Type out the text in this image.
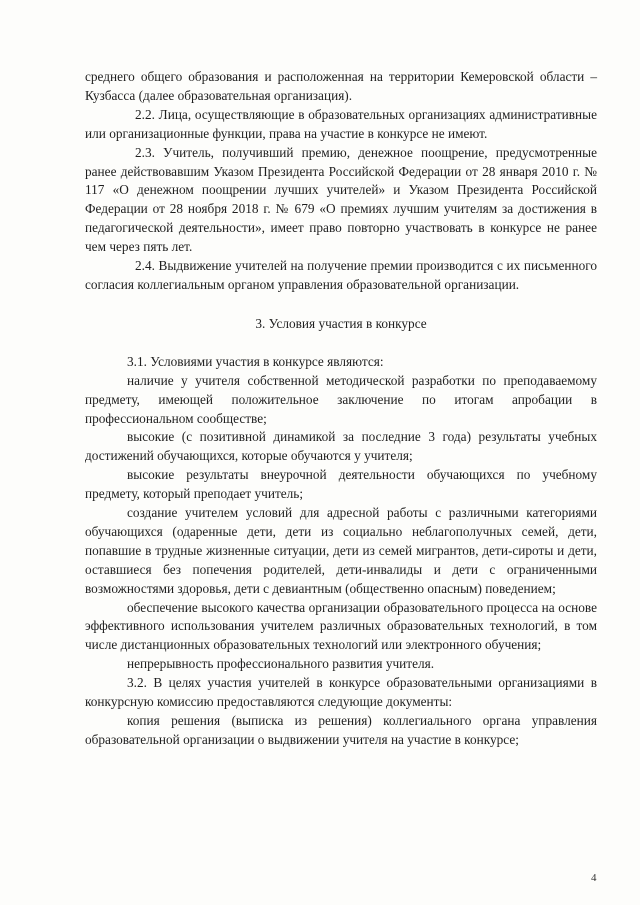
среднего общего образования и расположенная на территории Кемеровской области – Кузбасса (далее образовательная организация).

2.2. Лица, осуществляющие в образовательных организациях административные или организационные функции, права на участие в конкурсе не имеют.

2.3. Учитель, получивший премию, денежное поощрение, предусмотренные ранее действовавшим Указом Президента Российской Федерации от 28 января 2010 г. № 117 «О денежном поощрении лучших учителей» и Указом Президента Российской Федерации от 28 ноября 2018 г. № 679 «О премиях лучшим учителям за достижения в педагогической деятельности», имеет право повторно участвовать в конкурсе не ранее чем через пять лет.

2.4. Выдвижение учителей на получение премии производится с их письменного согласия коллегиальным органом управления образовательной организации.

3. Условия участия в конкурсе

3.1. Условиями участия в конкурсе являются:

наличие у учителя собственной методической разработки по преподаваемому предмету, имеющей положительное заключение по итогам апробации в профессиональном сообществе;

высокие (с позитивной динамикой за последние 3 года) результаты учебных достижений обучающихся, которые обучаются у учителя;

высокие результаты внеурочной деятельности обучающихся по учебному предмету, который преподает учитель;

создание учителем условий для адресной работы с различными категориями обучающихся (одаренные дети, дети из социально неблагополучных семей, дети, попавшие в трудные жизненные ситуации, дети из семей мигрантов, дети-сироты и дети, оставшиеся без попечения родителей, дети-инвалиды и дети с ограниченными возможностями здоровья, дети с девиантным (общественно опасным) поведением;

обеспечение высокого качества организации образовательного процесса на основе эффективного использования учителем различных образовательных технологий, в том числе дистанционных образовательных технологий или электронного обучения;

непрерывность профессионального развития учителя.

3.2. В целях участия учителей в конкурсе образовательными организациями в конкурсную комиссию предоставляются следующие документы:

копия решения (выписка из решения) коллегиального органа управления образовательной организации о выдвижении учителя на участие в конкурсе;

4
